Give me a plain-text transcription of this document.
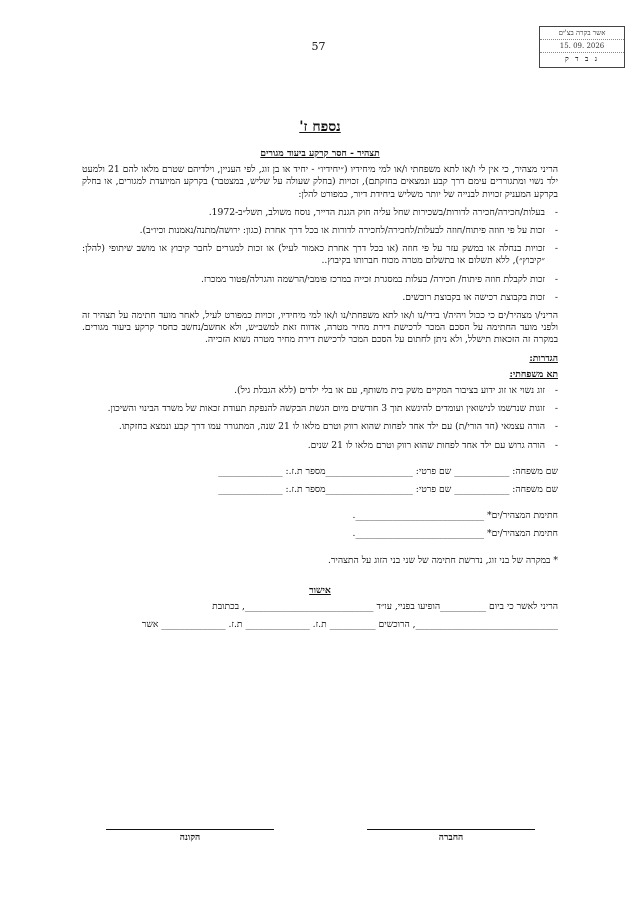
57
אשר בקרה בצ'ים
15. 09. 2026
נ ב ד ק
נספח ז'
תצהיר - חסר קרקע ביעוד מגורים

הריני מצהיר, כי אין לי ו/או לתא משפחתי ו/או למי מיחידיו (״יחידיו״ - יחיד או בן זוג, לפי העניין, וילדיהם שטרם מלאו להם 21 ולמעט ילד נשוי ומתגוררים עימם דרך קבע ונמצאים בחזקתם), זכויות (בחלק שעולה על שליש, במצטבר) בקרקע המיועדת למגורים, או בחלק בקרקע המעניק זכויות לבנייה של יותר משליש ביחידת דיור, כמפורט להלן:

- בעלות/חכירה/חכירה לדורות/בשכירות שחל עליה חוק הגנת הדייר, נוסח משולב, תשל״ב-1972.
- זכות על פי חוזה פיתוח/חוזה לבעלות/לחכירה/לחכירה לדורות או בכל דרך אחרת (כגון: ירושה/מתנה/נאמנות וכיו״ב).
- זכויות בנחלה או במשק עזר על פי חוזה (או בכל דרך אחרת כאמור לעיל) או זכות למגורים לחבר קיבוץ או מושב שיתופי (להלן: ״קיבוץ״), ללא תשלום או בתשלום מטרה מכוח חברותו בקיבוץ..
- זכות לקבלת חוזה פיתוח/ חכירה/ בעלות במסגרת זכייה במרכז פומבי/הרשמה והגרלה/פטור ממכרז.
- זכות בקבוצת רכישה או בקבוצת רוכשים.

הריני/ו מצהיר/ים כי ככול ויהיה/ו בידי/נו ו/או לתא משפחתי/נו ו/או למי מיחידיו, זכויות כמפורט לעיל, לאחר מועד חתימה על תצהיר זה ולפני מועד החתימה על הסכם המכר לרכישת דירת מחיר מטרה, אדווח זאת למשב״ש, ולא אחשב/נחשב כחסר קרקע ביעוד מגורים. במקרה זה הזכאות תישלל, ולא ניתן לחתום על הסכם המכר לרכישת דירת מחיר מטרה נשוא הזכייה.

הגדרות:
תא משפחתי:
- זוג נשוי או זוג ידוע בציבור המקיים משק בית משותף, עם או בלי ילדים (ללא הגבלת גיל).
- זוגות שנרשמו לנישואין ועומדים להינשא תוך 3 חודשים מיום הגשת הבקשה להנפקת תעודת זכאות של משרד הבינוי והשיכון.
- הורה עצמאי (חד הורי/ת) עם ילד אחד לפחות שהוא רווק וטרם מלאו לו 21 שנה, המתגורר עמו דרך קבע ונמצא בחזקתו.
- הורה גרוש עם ילד אחד לפחות שהוא רווק וטרם מלאו לו 21 שנים.
שם משפחה: ____________ שם פרטי: ___________________מספר ת.ז.: ______________
שם משפחה: ____________ שם פרטי: ___________________מספר ת.ז.: ______________
חתימת המצהיר/ים* ____________________________.
חתימת המצהיר/ים* ____________________________.

* במקרה של בני זוג, נדרשת חתימה של שני בני הזוג על התצהיר.

אישור
הריני לאשר כי ביום __________הופיעו בפניי, עו״ד ____________________________, בכתובת
_______________________________, הרוכשים __________ ת.ז. ______________ ת.ז. ______________ אשר
החברה
הקונה
